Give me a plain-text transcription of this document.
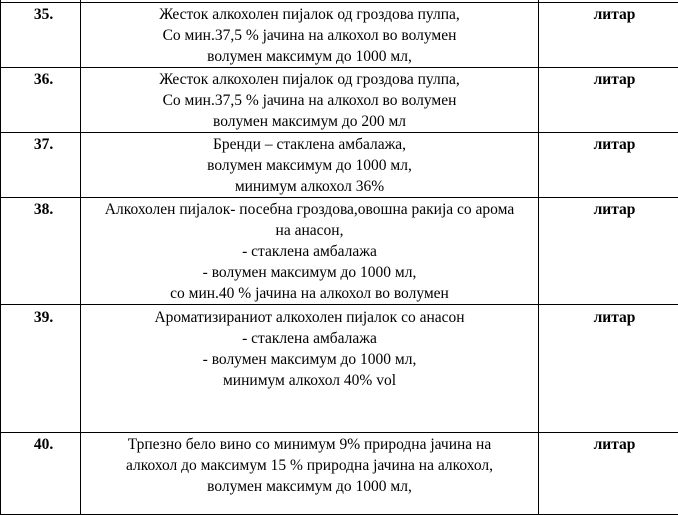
35.	Жесток алкохолен пијалок од гроздова пулпа,
Со мин.37,5 % јачина на алкохол во волумен
волумен максимум до 1000 мл,	литар
36.	Жесток алкохолен пијалок од гроздова пулпа,
Со мин.37,5 % јачина на алкохол во волумен
волумен максимум до 200 мл	литар
37.	Бренди – стаклена амбалажа,
волумен максимум до 1000 мл,
минимум алкохол 36%	литар
38.	Алкохолен пијалок- посебна гроздова,овошна ракија со арома
на анасон,
- стаклена амбалажа
- волумен максимум до 1000 мл,
со мин.40 % јачина на алкохол во волумен	литар
39.	Ароматизираниот алкохолен пијалок со анасон
- стаклена амбалажа
- волумен максимум до 1000 мл,
минимум алкохол 40% vol	литар
40.	Трпезно бело вино со минимум 9% природна јачина на
алкохол до максимум 15 % природна јачина на алкохол,
волумен максимум до 1000 мл,	литар
